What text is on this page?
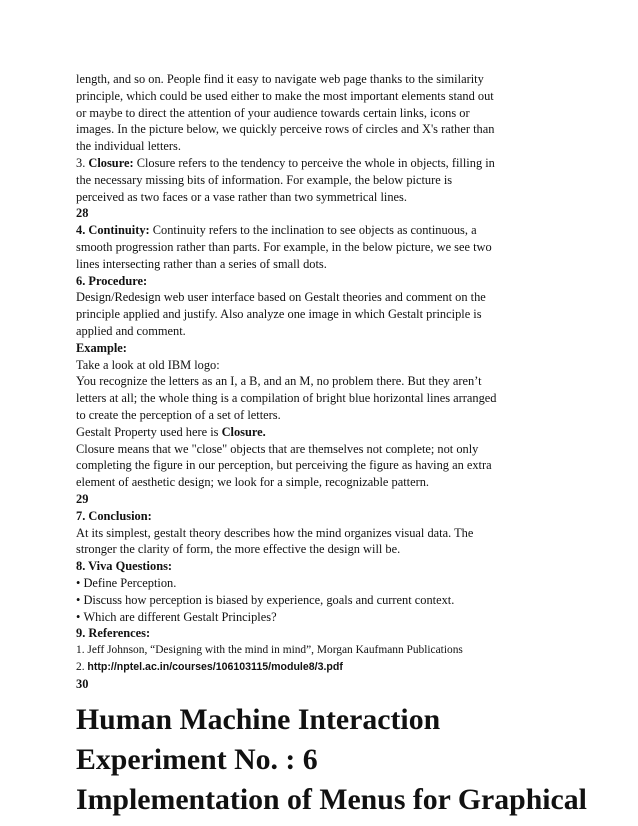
length, and so on. People find it easy to navigate web page thanks to the similarity

principle, which could be used either to make the most important elements stand out

or maybe to direct the attention of your audience towards certain links, icons or

images. In the picture below, we quickly perceive rows of circles and X's rather than

the individual letters.

3. Closure: Closure refers to the tendency to perceive the whole in objects, filling in

the necessary missing bits of information. For example, the below picture is

perceived as two faces or a vase rather than two symmetrical lines.

28

4. Continuity: Continuity refers to the inclination to see objects as continuous, a

smooth progression rather than parts. For example, in the below picture, we see two

lines intersecting rather than a series of small dots.

6. Procedure:

Design/Redesign web user interface based on Gestalt theories and comment on the

principle applied and justify. Also analyze one image in which Gestalt principle is

applied and comment.

Example:

Take a look at old IBM logo:

You recognize the letters as an I, a B, and an M, no problem there. But they aren’t

letters at all; the whole thing is a compilation of bright blue horizontal lines arranged

to create the perception of a set of letters.

Gestalt Property used here is Closure.

Closure means that we "close" objects that are themselves not complete; not only

completing the figure in our perception, but perceiving the figure as having an extra

element of aesthetic design; we look for a simple, recognizable pattern.

29

7. Conclusion:

At its simplest, gestalt theory describes how the mind organizes visual data. The

stronger the clarity of form, the more effective the design will be.

8. Viva Questions:

• Define Perception.

• Discuss how perception is biased by experience, goals and current context.

• Which are different Gestalt Principles?

9. References:

1. Jeff Johnson, “Designing with the mind in mind”, Morgan Kaufmann Publications

2. http://nptel.ac.in/courses/106103115/module8/3.pdf

30

Human Machine Interaction

Experiment No. : 6

Implementation of Menus for Graphical
